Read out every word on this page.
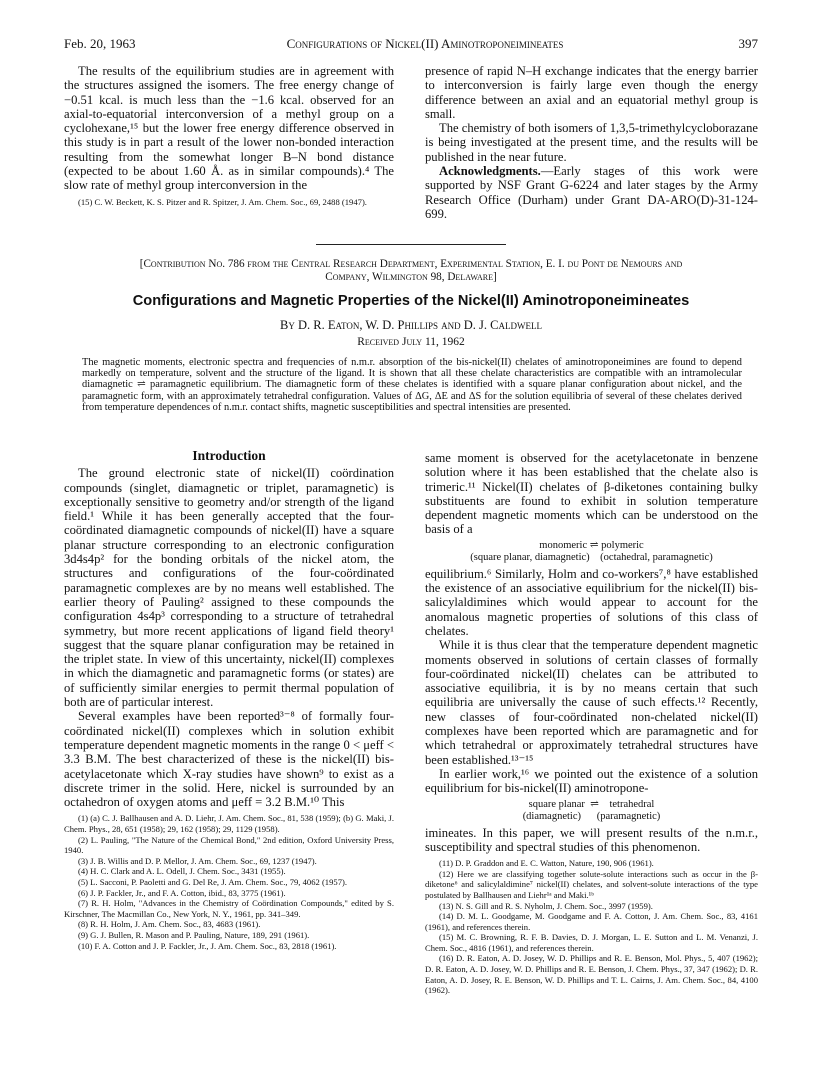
Feb. 20, 1963	Configurations of Nickel(II) Aminotroponeimineates	397

The results of the equilibrium studies are in agreement with the structures assigned the isomers. The free energy change of −0.51 kcal. is much less than the −1.6 kcal. observed for an axial-to-equatorial interconversion of a methyl group on a cyclohexane,¹⁵ but the lower free energy difference observed in this study is in part a result of the lower non-bonded interaction resulting from the somewhat longer B–N bond distance (expected to be about 1.60 Å. as in similar compounds).⁴ The slow rate of methyl group interconversion in the

(15) C. W. Beckett, K. S. Pitzer and R. Spitzer, J. Am. Chem. Soc., 69, 2488 (1947).

presence of rapid N–H exchange indicates that the energy barrier to interconversion is fairly large even though the energy difference between an axial and an equatorial methyl group is small.

The chemistry of both isomers of 1,3,5-trimethylcycloborazane is being investigated at the present time, and the results will be published in the near future.

Acknowledgments.—Early stages of this work were supported by NSF Grant G-6224 and later stages by the Army Research Office (Durham) under Grant DA-ARO(D)-31-124-699.

[Contribution No. 786 from the Central Research Department, Experimental Station, E. I. du Pont de Nemours and
Company, Wilmington 98, Delaware]
Configurations and Magnetic Properties of the Nickel(II) Aminotroponeimineates
By D. R. Eaton, W. D. Phillips and D. J. Caldwell
Received July 11, 1962
The magnetic moments, electronic spectra and frequencies of n.m.r. absorption of the bis-nickel(II) chelates of aminotroponeimines are found to depend markedly on temperature, solvent and the structure of the ligand. It is shown that all these chelate characteristics are compatible with an intramolecular diamagnetic ⇌ paramagnetic equilibrium. The diamagnetic form of these chelates is identified with a square planar configuration about nickel, and the paramagnetic form, with an approximately tetrahedral configuration. Values of ΔG, ΔE and ΔS for the solution equilibria of several of these chelates derived from temperature dependences of n.m.r. contact shifts, magnetic susceptibilities and spectral intensities are presented.
Introduction

The ground electronic state of nickel(II) coördination compounds (singlet, diamagnetic or triplet, paramagnetic) is exceptionally sensitive to geometry and/or strength of the ligand field.¹ While it has been generally accepted that the four-coördinated diamagnetic compounds of nickel(II) have a square planar structure corresponding to an electronic configuration 3d4s4p² for the bonding orbitals of the nickel atom, the structures and configurations of the four-coördinated paramagnetic complexes are by no means well established. The earlier theory of Pauling² assigned to these compounds the configuration 4s4p³ corresponding to a structure of tetrahedral symmetry, but more recent applications of ligand field theory¹ suggest that the square planar configuration may be retained in the triplet state. In view of this uncertainty, nickel(II) complexes in which the diamagnetic and paramagnetic forms (or states) are of sufficiently similar energies to permit thermal population of both are of particular interest.

Several examples have been reported³⁻⁸ of formally four-coördinated nickel(II) complexes which in solution exhibit temperature dependent magnetic moments in the range 0 < μeff < 3.3 B.M. The best characterized of these is the nickel(II) bis-acetylacetonate which X-ray studies have shown⁹ to exist as a discrete trimer in the solid. Here, nickel is surrounded by an octahedron of oxygen atoms and μeff = 3.2 B.M.¹⁰ This

(1) (a) C. J. Ballhausen and A. D. Liehr, J. Am. Chem. Soc., 81, 538 (1959); (b) G. Maki, J. Chem. Phys., 28, 651 (1958); 29, 162 (1958); 29, 1129 (1958).

(2) L. Pauling, "The Nature of the Chemical Bond," 2nd edition, Oxford University Press, 1940.

(3) J. B. Willis and D. P. Mellor, J. Am. Chem. Soc., 69, 1237 (1947).

(4) H. C. Clark and A. L. Odell, J. Chem. Soc., 3431 (1955).

(5) L. Sacconi, P. Paoletti and G. Del Re, J. Am. Chem. Soc., 79, 4062 (1957).

(6) J. P. Fackler, Jr., and F. A. Cotton, ibid., 83, 3775 (1961).

(7) R. H. Holm, "Advances in the Chemistry of Coördination Compounds," edited by S. Kirschner, The Macmillan Co., New York, N. Y., 1961, pp. 341–349.

(8) R. H. Holm, J. Am. Chem. Soc., 83, 4683 (1961).

(9) G. J. Bullen, R. Mason and P. Pauling, Nature, 189, 291 (1961).

(10) F. A. Cotton and J. P. Fackler, Jr., J. Am. Chem. Soc., 83, 2818 (1961).

same moment is observed for the acetylacetonate in benzene solution where it has been established that the chelate also is trimeric.¹¹ Nickel(II) chelates of β-diketones containing bulky substituents are found to exhibit in solution temperature dependent magnetic moments which can be understood on the basis of a

monomeric ⇌ polymeric
(square planar, diamagnetic)    (octahedral, paramagnetic)

equilibrium.⁶ Similarly, Holm and co-workers⁷,⁸ have established the existence of an associative equilibrium for the nickel(II) bis-salicylaldimines which would appear to account for the anomalous magnetic properties of solutions of this class of chelates.

While it is thus clear that the temperature dependent magnetic moments observed in solutions of certain classes of formally four-coördinated nickel(II) chelates can be attributed to associative equilibria, it is by no means certain that such equilibria are universally the cause of such effects.¹² Recently, new classes of four-coördinated non-chelated nickel(II) complexes have been reported which are paramagnetic and for which tetrahedral or approximately tetrahedral structures have been established.¹³⁻¹⁵

In earlier work,¹⁶ we pointed out the existence of a solution equilibrium for bis-nickel(II) aminotropone-

square planar  ⇌    tetrahedral
(diamagnetic)      (paramagnetic)

imineates. In this paper, we will present results of the n.m.r., susceptibility and spectral studies of this phenomenon.

(11) D. P. Graddon and E. C. Watton, Nature, 190, 906 (1961).

(12) Here we are classifying together solute-solute interactions such as occur in the β-diketone⁶ and salicylaldimine⁷ nickel(II) chelates, and solvent-solute interactions of the type postulated by Ballhausen and Liehr¹ᵃ and Maki.¹ᵇ

(13) N. S. Gill and R. S. Nyholm, J. Chem. Soc., 3997 (1959).

(14) D. M. L. Goodgame, M. Goodgame and F. A. Cotton, J. Am. Chem. Soc., 83, 4161 (1961), and references therein.

(15) M. C. Browning, R. F. B. Davies, D. J. Morgan, L. E. Sutton and L. M. Venanzi, J. Chem. Soc., 4816 (1961), and references therein.

(16) D. R. Eaton, A. D. Josey, W. D. Phillips and R. E. Benson, Mol. Phys., 5, 407 (1962); D. R. Eaton, A. D. Josey, W. D. Phillips and R. E. Benson, J. Chem. Phys., 37, 347 (1962); D. R. Eaton, A. D. Josey, R. E. Benson, W. D. Phillips and T. L. Cairns, J. Am. Chem. Soc., 84, 4100 (1962).
